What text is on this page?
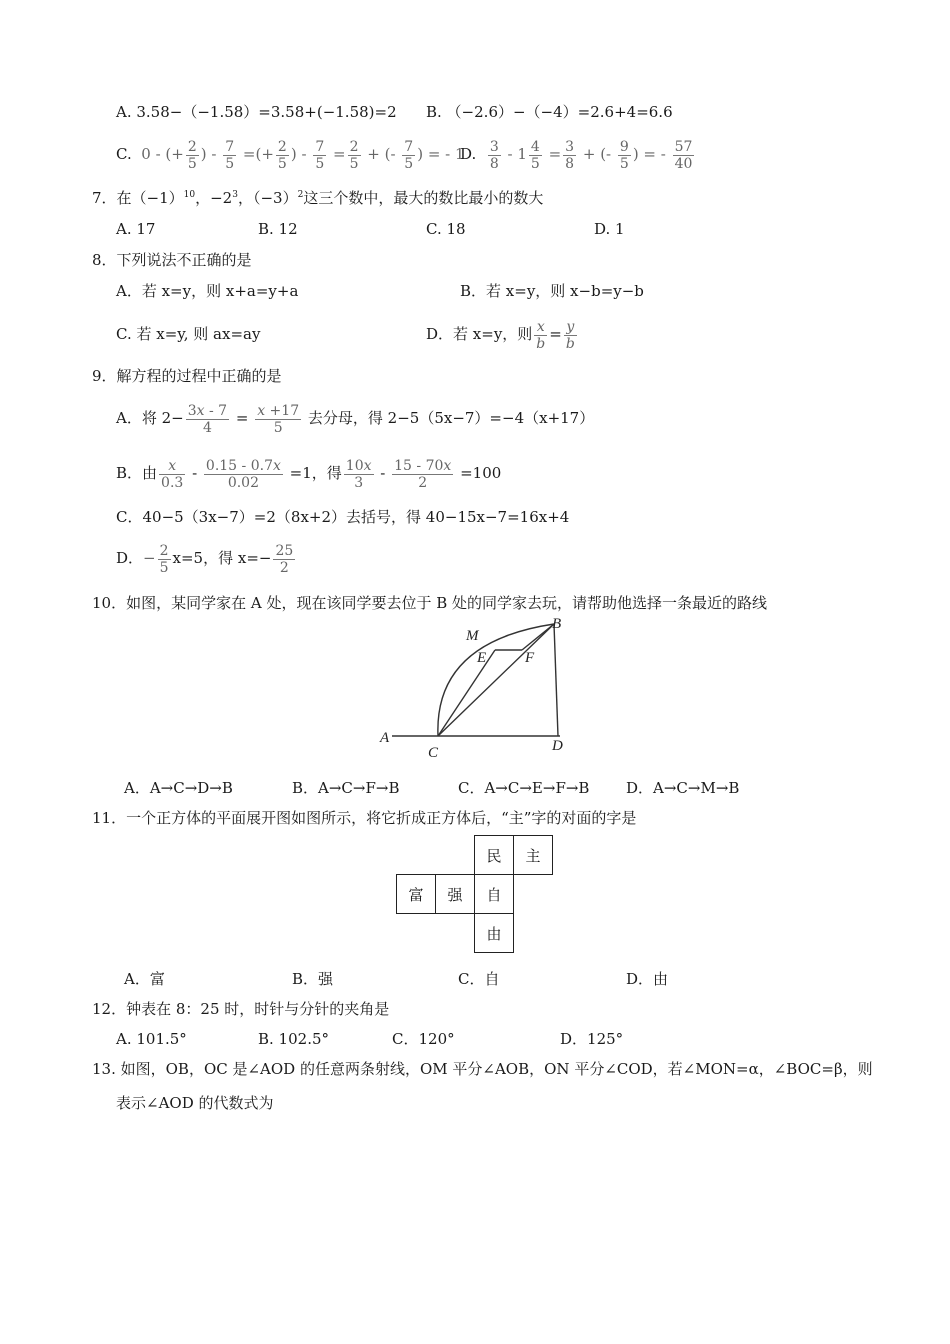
A. 3.58−（−1.58）=3.58+(−1.58)=2 B. （−2.6）−（−4）=2.6+4=6.6
C.  0 - (+ $\frac{2}{5}$ ) - $\frac{7}{5}$ =(+ $\frac{2}{5}$ ) - $\frac{7}{5} = \frac{2}{5}$ + (- $\frac{7}{5}$ ) = - 1
D. $\frac{3}{8} - 1 \frac{4}{5} = \frac{3}{8}$ + (- $\frac{9}{5}$ ) = - $\frac{57}{40}$
7．在$(-1)^{10}$，$-2^3$，$(-3)^2$这三个数中，最大的数比最小的数大
A. 17	B. 12	C. 18	D. 1
8．下列说法不正确的是
A．若 x=y，则 x+a=y+a	B．若 x=y，则 x−b=y−b
C. 若 x=y, 则 ax=ay	D．若 x=y，则 $\frac{x}{b} = \frac{y}{b}$
9．解方程的过程中正确的是
A．将 $2- \frac{3x - 7}{4} = \frac{x +17}{5}$ 去分母，得 2−5（5x−7）=−4（x+17）
B．由 $\frac{x}{0.3} - \frac{0.15 - 0.7x}{0.02} =1$，得 $\frac{10x}{3} - \frac{15 - 70x}{2} =100$
C．40−5（3x−7）=2（8x+2）去括号，得 40−15x−7=16x+4
D．− $\frac{2}{5} x=5$，得 $x=- \frac{25}{2}$
10．如图，某同学家在 A 处，现在该同学要去位于 B 处的同学家去玩，请帮助他选择一条最近的路线
A
C	D
B
M
E	F
A．A→C→D→B	B．A→C→F→B	C．A→C→E→F→B D．A→C→M→B
11．一个正方体的平面展开图如图所示，将它折成正方体后，“主”字的对面的字是
民	主
富	强	自
由
A．富	B．强	C．自	D．由
12．钟表在 8：25 时，时针与分针的夹角是
A. 101.5°	B. 102.5°	C．120°	D．125°
13. 如图，OB，OC 是∠AOD 的任意两条射线，OM 平分∠AOB，ON 平分∠COD，若∠MON=α，∠BOC=β，则
表示∠AOD 的代数式为
